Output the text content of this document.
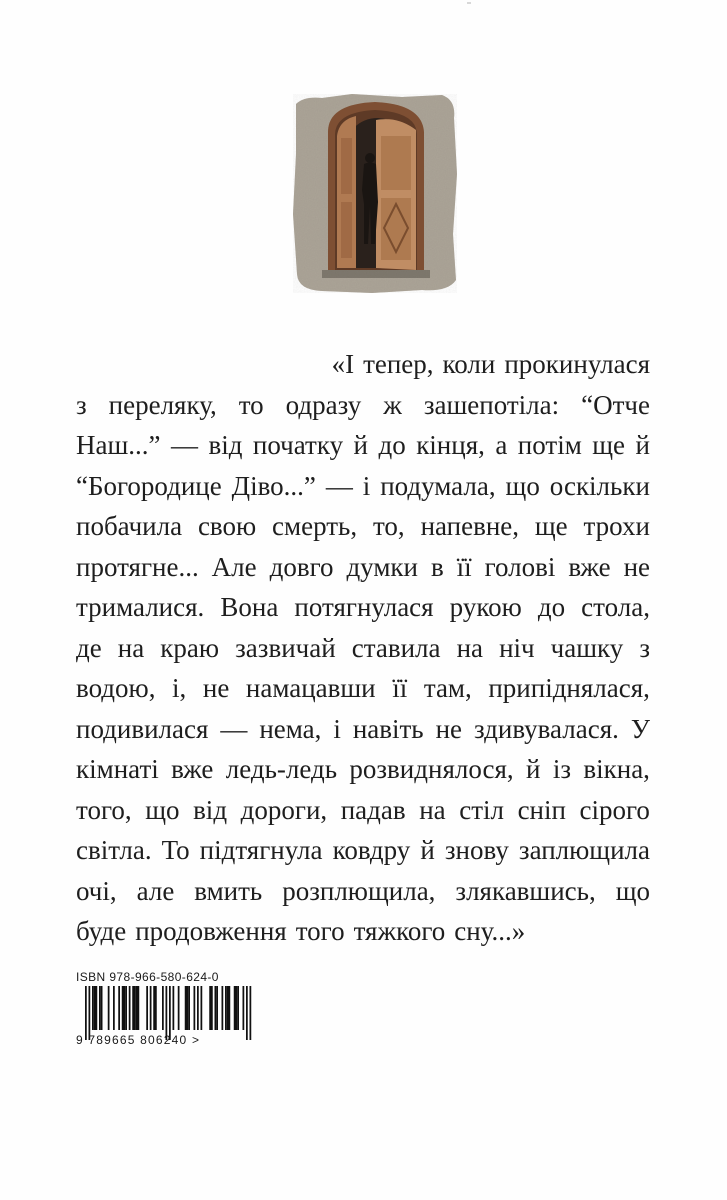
«І тепер, коли прокинулася
з переляку, то одразу ж зашепотіла: “Отче
Наш...” — від початку й до кінця, а потім ще й
“Богородице Діво...” — і подумала, що оскільки
побачила свою смерть, то, напевне, ще трохи
протягне... Але довго думки в її голові вже не
трималися. Вона потягнулася рукою до стола,
де на краю зазвичай ставила на ніч чашку з
водою, і, не намацавши її там, припіднялася,
подивилася — нема, і навіть не здивувалася. У
кімнаті вже ледь-ледь розвиднялося, й із вікна,
того, що від дороги, падав на стіл сніп сірого
світла. То підтягнула ковдру й знову заплющила
очі, але вмить розплющила, злякавшись, що
буде продовження того тяжкого сну...»
ISBN 978-966-580-624-0
9 789665 806240 >
